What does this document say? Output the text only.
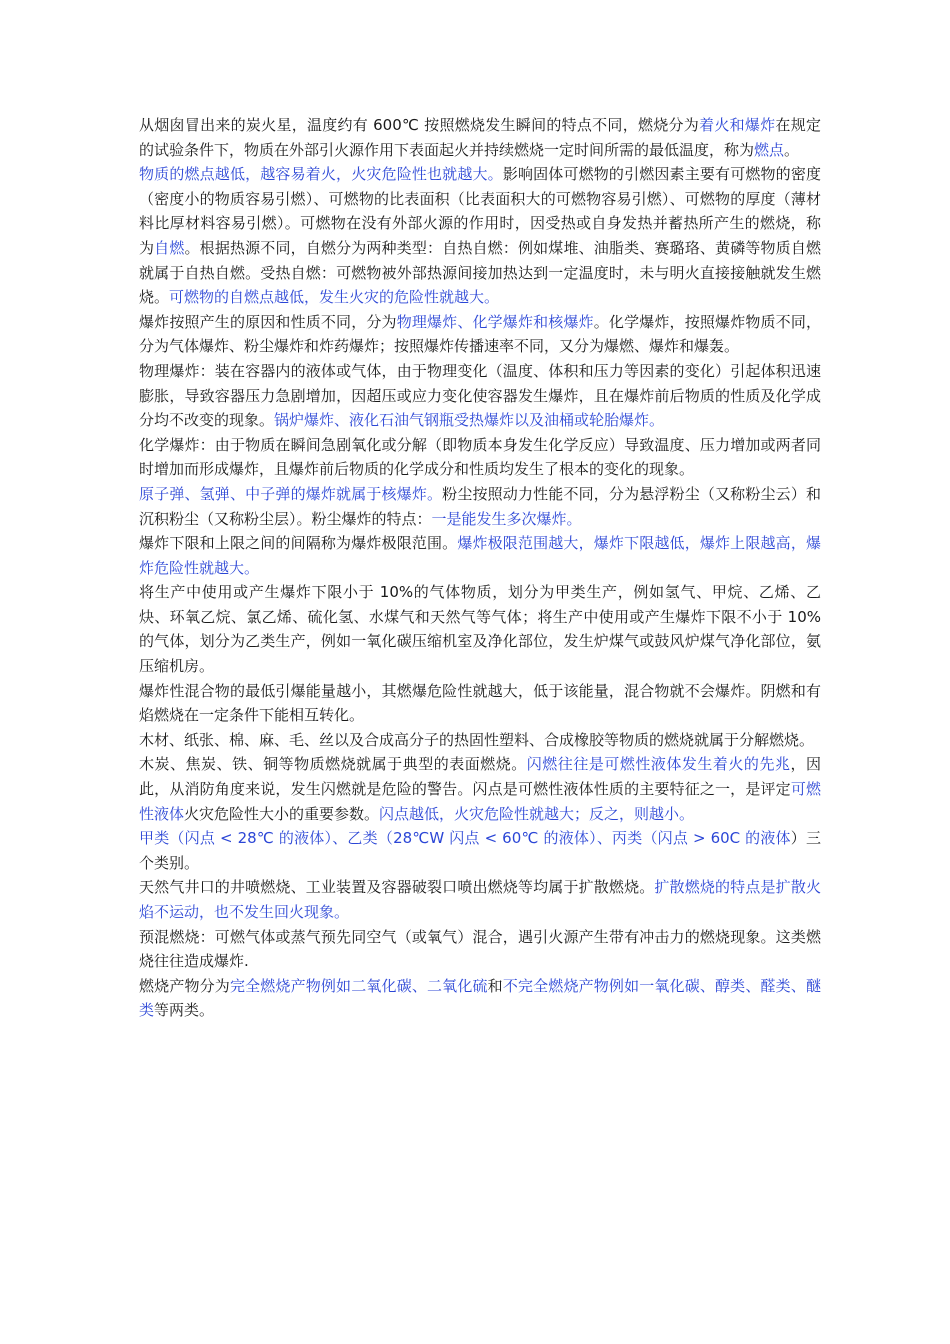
从烟囱冒出来的炭火星，温度约有 600℃ 按照燃烧发生瞬间的特点不同，燃烧分为着火和爆炸在规定的试验条件下，物质在外部引火源作用下表面起火并持续燃烧一定时间所需的最低温度，称为燃点。

物质的燃点越低，越容易着火，火灾危险性也就越大。影响固体可燃物的引燃因素主要有可燃物的密度（密度小的物质容易引燃）、可燃物的比表面积（比表面积大的可燃物容易引燃）、可燃物的厚度（薄材料比厚材料容易引燃）。可燃物在没有外部火源的作用时，因受热或自身发热并蓄热所产生的燃烧，称为自燃。根据热源不同，自燃分为两种类型：自热自燃：例如煤堆、油脂类、赛璐珞、黄磷等物质自燃就属于自热自燃。受热自燃：可燃物被外部热源间接加热达到一定温度时，未与明火直接接触就发生燃烧。可燃物的自燃点越低，发生火灾的危险性就越大。

爆炸按照产生的原因和性质不同，分为物理爆炸、化学爆炸和核爆炸。化学爆炸，按照爆炸物质不同，分为气体爆炸、粉尘爆炸和炸药爆炸；按照爆炸传播速率不同，又分为爆燃、爆炸和爆轰。

物理爆炸：装在容器内的液体或气体，由于物理变化（温度、体积和压力等因素的变化）引起体积迅速膨胀，导致容器压力急剧增加，因超压或应力变化使容器发生爆炸，且在爆炸前后物质的性质及化学成分均不改变的现象。锅炉爆炸、液化石油气钢瓶受热爆炸以及油桶或轮胎爆炸。

化学爆炸：由于物质在瞬间急剧氧化或分解（即物质本身发生化学反应）导致温度、压力增加或两者同时增加而形成爆炸，且爆炸前后物质的化学成分和性质均发生了根本的变化的现象。

原子弹、氢弹、中子弹的爆炸就属于核爆炸。粉尘按照动力性能不同，分为悬浮粉尘（又称粉尘云）和沉积粉尘（又称粉尘层）。粉尘爆炸的特点：一是能发生多次爆炸。

爆炸下限和上限之间的间隔称为爆炸极限范围。爆炸极限范围越大，爆炸下限越低，爆炸上限越高，爆炸危险性就越大。

将生产中使用或产生爆炸下限小于 10%的气体物质，划分为甲类生产，例如氢气、甲烷、乙烯、乙炔、环氧乙烷、氯乙烯、硫化氢、水煤气和天然气等气体；将生产中使用或产生爆炸下限不小于 10%的气体，划分为乙类生产，例如一氧化碳压缩机室及净化部位，发生炉煤气或鼓风炉煤气净化部位，氨压缩机房。

爆炸性混合物的最低引爆能量越小，其燃爆危险性就越大，低于该能量，混合物就不会爆炸。阴燃和有焰燃烧在一定条件下能相互转化。

木材、纸张、棉、麻、毛、丝以及合成高分子的热固性塑料、合成橡胶等物质的燃烧就属于分解燃烧。

木炭、焦炭、铁、铜等物质燃烧就属于典型的表面燃烧。闪燃往往是可燃性液体发生着火的先兆，因此，从消防角度来说，发生闪燃就是危险的警告。闪点是可燃性液体性质的主要特征之一，是评定可燃性液体火灾危险性大小的重要参数。闪点越低，火灾危险性就越大；反之，则越小。

甲类（闪点 < 28℃ 的液体）、乙类（28℃W 闪点 < 60℃ 的液体）、丙类（闪点 > 60C 的液体）三个类别。

天然气井口的井喷燃烧、工业装置及容器破裂口喷出燃烧等均属于扩散燃烧。扩散燃烧的特点是扩散火焰不运动，也不发生回火现象。

预混燃烧：可燃气体或蒸气预先同空气（或氧气）混合，遇引火源产生带有冲击力的燃烧现象。这类燃烧往往造成爆炸.

燃烧产物分为完全燃烧产物例如二氧化碳、二氧化硫和不完全燃烧产物例如一氧化碳、醇类、醛类、醚类等两类。
